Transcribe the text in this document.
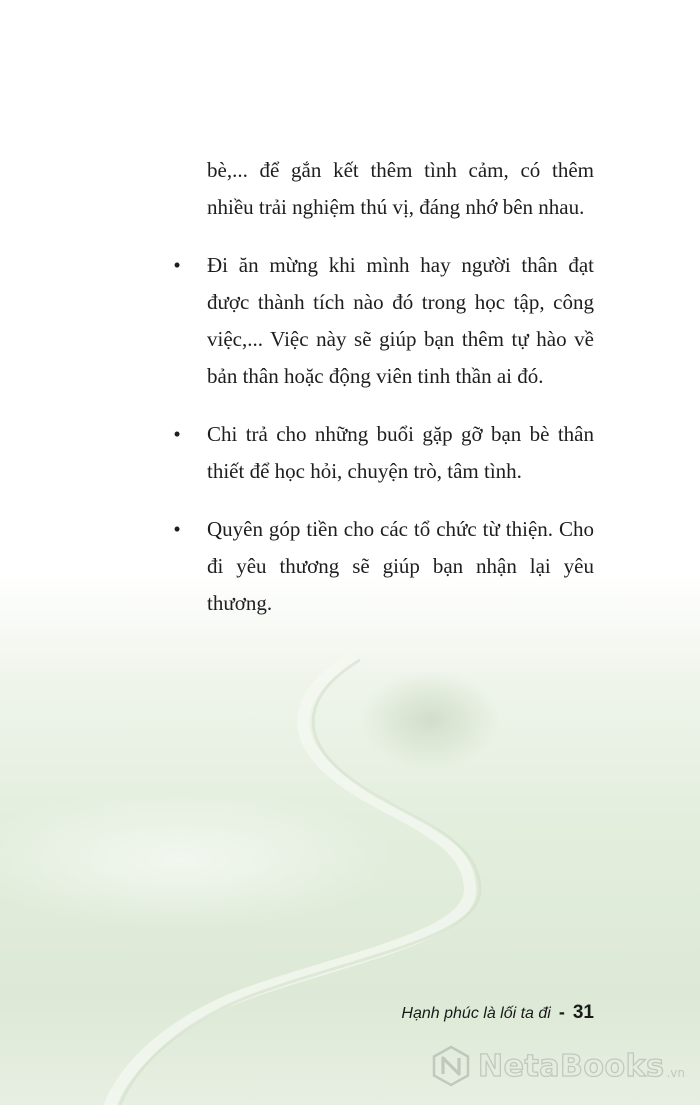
bè,... để gắn kết thêm tình cảm, có thêm nhiều trải nghiệm thú vị, đáng nhớ bên nhau.

• Đi ăn mừng khi mình hay người thân đạt được thành tích nào đó trong học tập, công việc,... Việc này sẽ giúp bạn thêm tự hào về bản thân hoặc động viên tinh thần ai đó.

• Chi trả cho những buổi gặp gỡ bạn bè thân thiết để học hỏi, chuyện trò, tâm tình.

• Quyên góp tiền cho các tổ chức từ thiện. Cho đi yêu thương sẽ giúp bạn nhận lại yêu thương.

Hạnh phúc là lối ta đi - 31
NetaBooks .vn
